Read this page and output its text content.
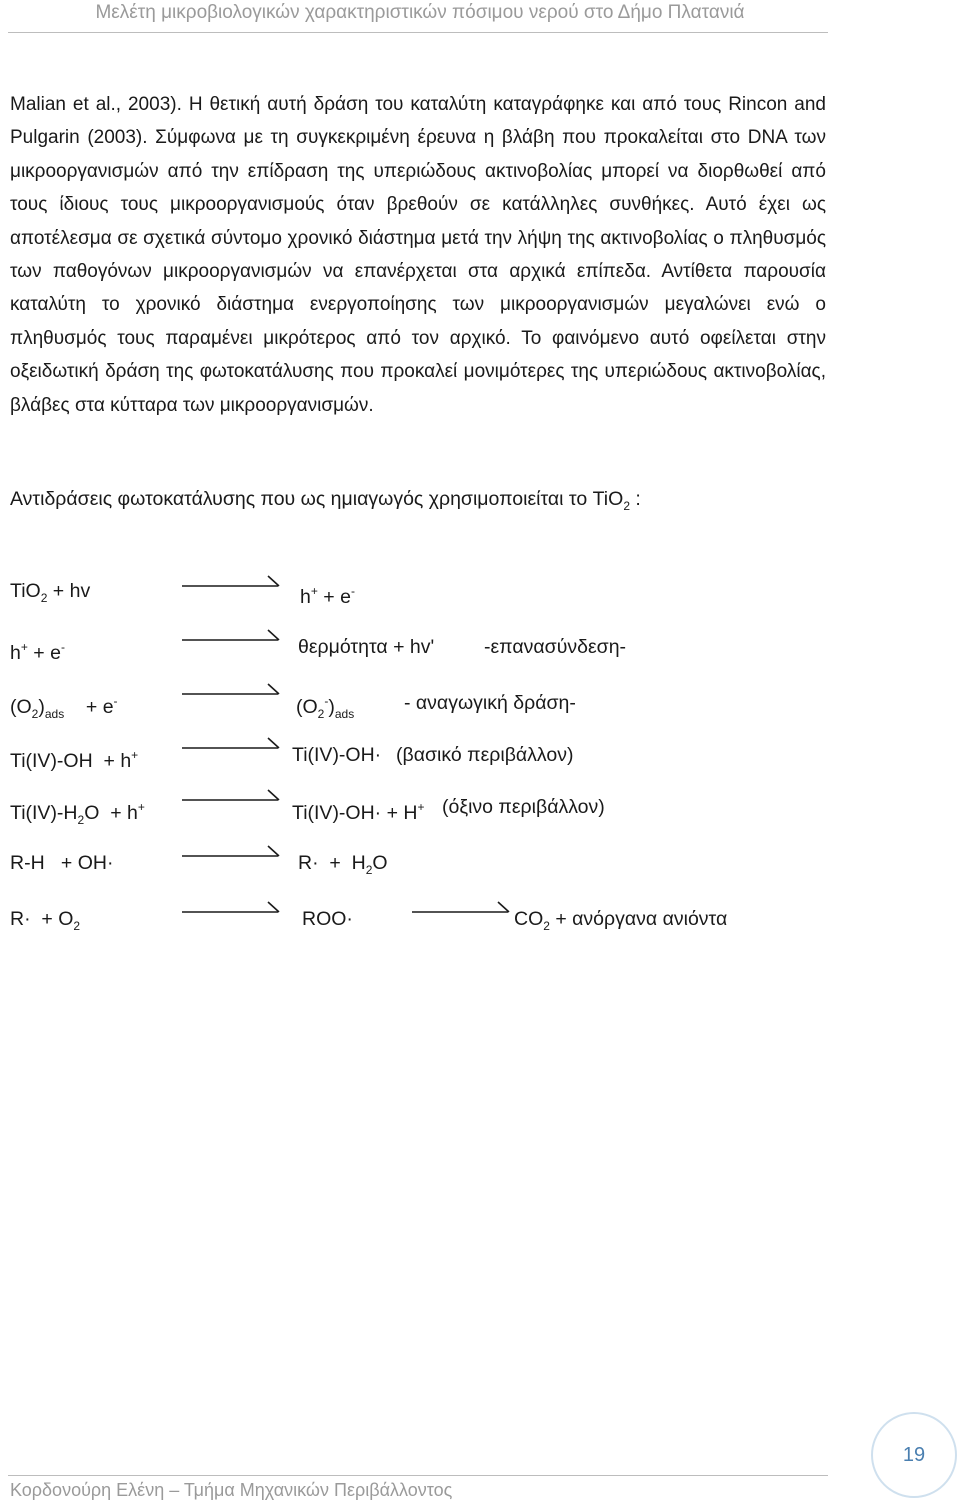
Μελέτη μικροβιολογικών χαρακτηριστικών πόσιμου νερού στο Δήμο Πλατανιά

Malian et al., 2003). Η θετική αυτή δράση του καταλύτη καταγράφηκε και από τους Rincon and Pulgarin (2003). Σύμφωνα με τη συγκεκριμένη έρευνα η βλάβη που προκαλείται στο DNA των μικροοργανισμών από την επίδραση της υπεριώδους ακτινοβολίας μπορεί να διορθωθεί από τους ίδιους τους μικροοργανισμούς όταν βρεθούν σε κατάλληλες συνθήκες. Αυτό έχει ως αποτέλεσμα σε σχετικά σύντομο χρονικό διάστημα μετά την λήψη της ακτινοβολίας ο πληθυσμός των παθογόνων μικροοργανισμών να επανέρχεται στα αρχικά επίπεδα. Αντίθετα παρουσία καταλύτη το χρονικό διάστημα ενεργοποίησης των μικροοργανισμών μεγαλώνει ενώ ο πληθυσμός τους παραμένει μικρότερος από τον αρχικό. Το φαινόμενο αυτό οφείλεται στην οξειδωτική δράση της φωτοκατάλυσης που προκαλεί μονιμότερες της υπεριώδους ακτινοβολίας, βλάβες στα κύτταρα των μικροοργανισμών.

Αντιδράσεις φωτοκατάλυσης που ως ημιαγωγός χρησιμοποιείται το TiO$_2$ :
TiO$_2$ + hv	h+ + e-
h+ + e-	θερμότητα + hv'	-επανασύνδεση-
$(O_2)_{ads}$    + e-	$(O_2^-)_{ads}$	- αναγωγική δράση-
Ti(IV)-OH  + h+	Ti(IV)-OH· (βασικό περιβάλλον)
$Ti(IV)-H_2O + h^+$	Ti(IV)-OH· + H+ (όξινο περιβάλλον)
R-H   + OH·	$R\cdot + H_2O$
$R\cdot + O_2$	ROO·	$CO_2 + \alpha\nu ό\rho\gamma\alpha\nu\alpha$ ανιόντα
19
Κορδονούρη Ελένη – Τμήμα Μηχανικών Περιβάλλοντος
